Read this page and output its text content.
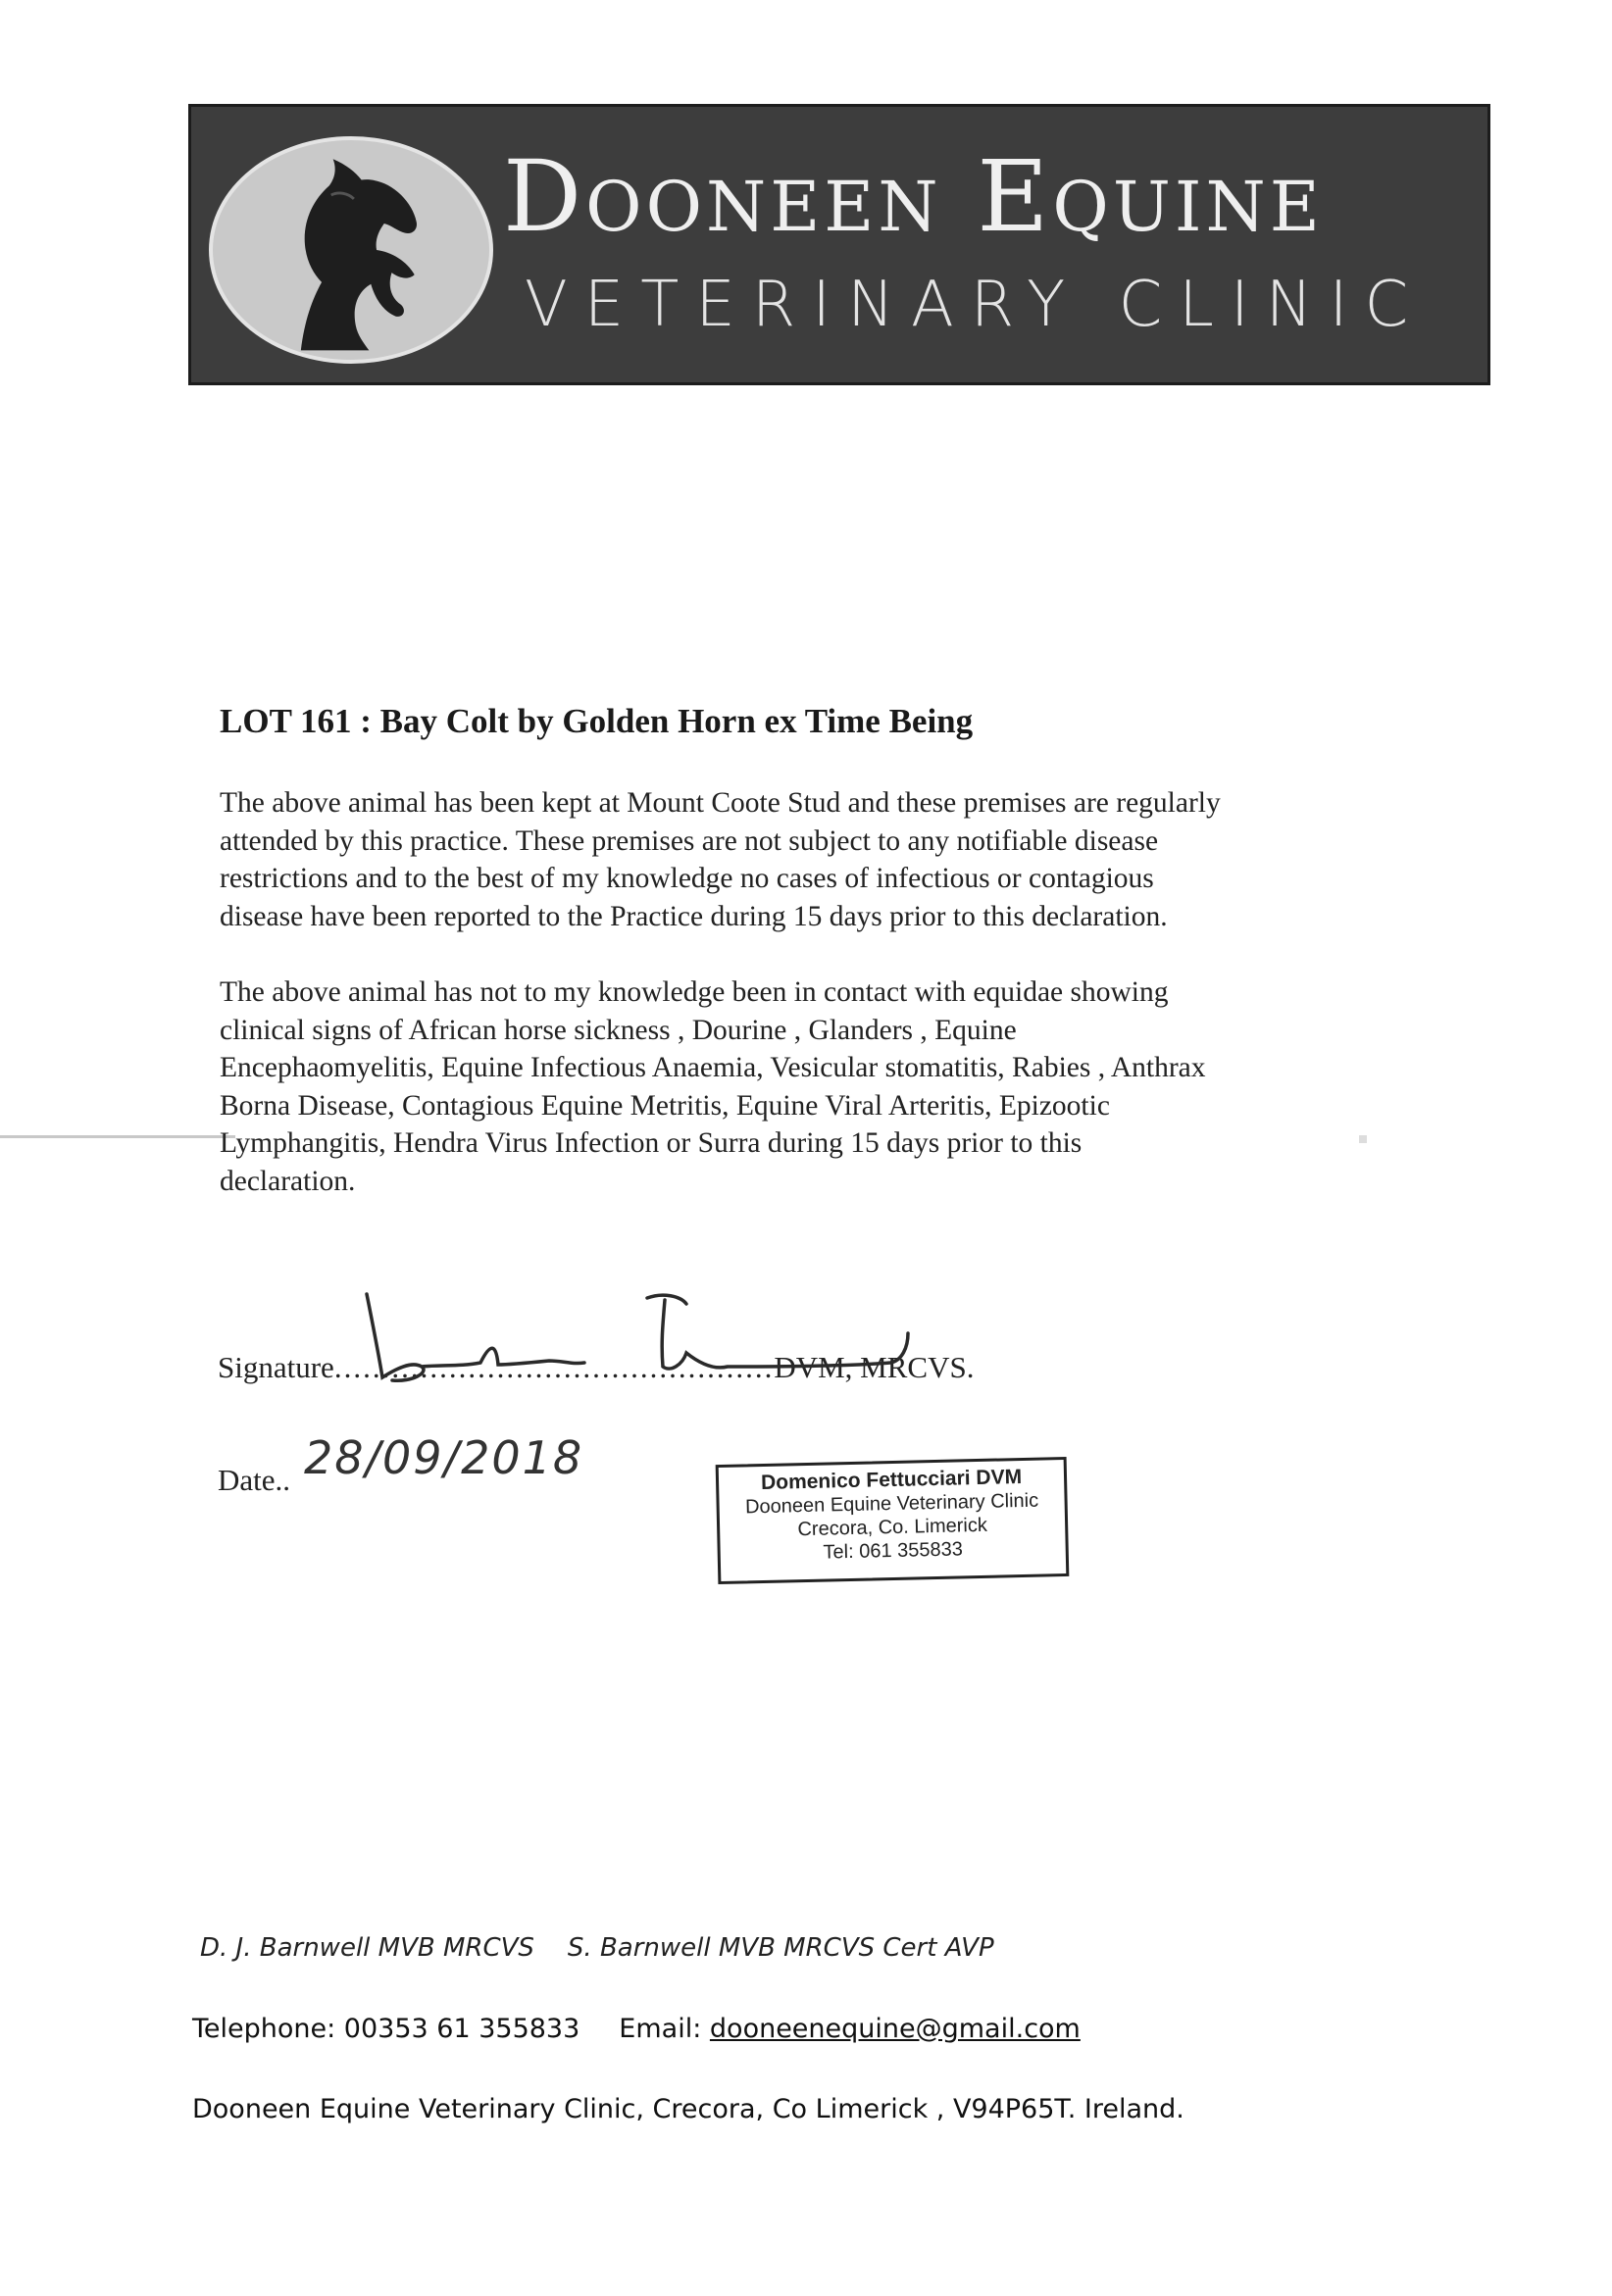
Dooneen Equine
VETERINARY CLINIC
LOT 161 : Bay Colt by Golden Horn ex Time Being
The above animal has been kept at Mount Coote Stud and these premises are regularly
attended by this practice. These premises are not subject to any notifiable disease
restrictions and to the best of my knowledge no cases of infectious or contagious
disease have been reported to the Practice during 15 days prior to this declaration.
The above animal has not to my knowledge been in contact with equidae showing
clinical signs of African horse sickness , Dourine , Glanders , Equine
Encephaomyelitis, Equine Infectious Anaemia, Vesicular stomatitis, Rabies , Anthrax
Borna Disease, Contagious Equine Metritis, Equine Viral Arteritis, Epizootic
Lymphangitis, Hendra Virus Infection or Surra during 15 days prior to this
declaration.
Signature..............................................DVM, MRCVS.
Date.. 28/09/2018	Domenico Fettucciari DVM
Dooneen Equine Veterinary Clinic
Crecora, Co. Limerick
Tel: 061 355833
D. J. Barnwell MVB MRCVS S. Barnwell MVB MRCVS Cert AVP
Telephone: 00353 61 355833 Email: dooneenequine@gmail.com
Dooneen Equine Veterinary Clinic, Crecora, Co Limerick , V94P65T. Ireland.
